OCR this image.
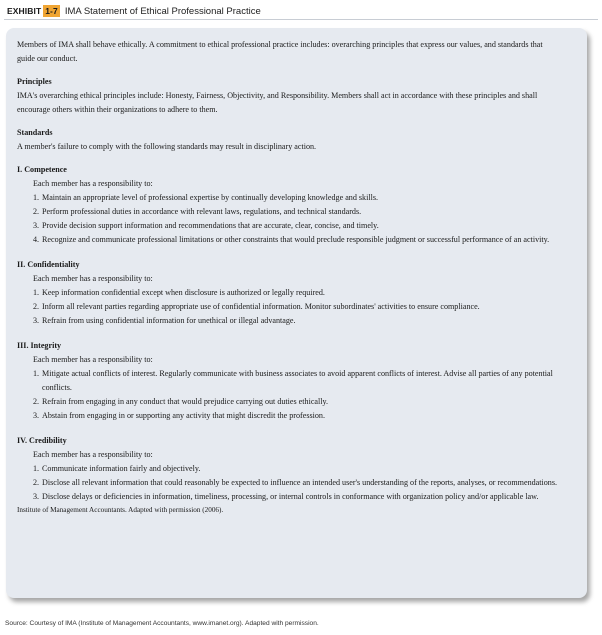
EXHIBIT 1-7 IMA Statement of Ethical Professional Practice

Members of IMA shall behave ethically. A commitment to ethical professional practice includes: overarching principles that express our values, and standards that guide our conduct.

Principles

IMA's overarching ethical principles include: Honesty, Fairness, Objectivity, and Responsibility. Members shall act in accordance with these principles and shall encourage others within their organizations to adhere to them.

Standards

A member's failure to comply with the following standards may result in disciplinary action.

I. Competence

Each member has a responsibility to:

1. Maintain an appropriate level of professional expertise by continually developing knowledge and skills.
2. Perform professional duties in accordance with relevant laws, regulations, and technical standards.
3. Provide decision support information and recommendations that are accurate, clear, concise, and timely.
4. Recognize and communicate professional limitations or other constraints that would preclude responsible judgment or successful performance of an activity.

II. Confidentiality

Each member has a responsibility to:

1. Keep information confidential except when disclosure is authorized or legally required.
2. Inform all relevant parties regarding appropriate use of confidential information. Monitor subordinates' activities to ensure compliance.
3. Refrain from using confidential information for unethical or illegal advantage.

III. Integrity

Each member has a responsibility to:

1. Mitigate actual conflicts of interest. Regularly communicate with business associates to avoid apparent conflicts of interest. Advise all parties of any potential conflicts.
2. Refrain from engaging in any conduct that would prejudice carrying out duties ethically.
3. Abstain from engaging in or supporting any activity that might discredit the profession.

IV. Credibility

Each member has a responsibility to:

1. Communicate information fairly and objectively.
2. Disclose all relevant information that could reasonably be expected to influence an intended user's understanding of the reports, analyses, or recommendations.
3. Disclose delays or deficiencies in information, timeliness, processing, or internal controls in conformance with organization policy and/or applicable law.

Institute of Management Accountants. Adapted with permission (2006).

Source: Courtesy of IMA (Institute of Management Accountants, www.imanet.org). Adapted with permission.
